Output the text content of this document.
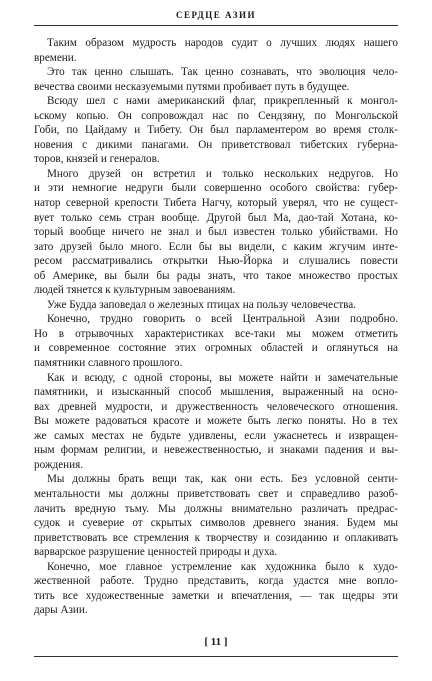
СЕРДЦЕ АЗИИ
Таким образом мудрость народов судит о лучших людях нашего
времени.
Это так ценно слышать. Так ценно сознавать, что эволюция чело-
вечества своими несказуемыми путями пробивает путь в будущее.
Всюду шел с нами американский флаг, прикрепленный к монгол-
ьскому копью. Он сопровождал нас по Сендзяну, по Монгольской
Гоби, по Цайдаму и Тибету. Он был парламентером во время столк-
новения с дикими панагами. Он приветствовал тибетских губерна-
торов, князей и генералов.
Много друзей он встретил и только нескольких недругов. Но
и эти немногие недруги были совершенно особого свойства: губер-
натор северной крепости Тибета Нагчу, который уверял, что не сущест-
вует только семь стран вообще. Другой был Ма, дао-тай Хотана, ко-
торый вообще ничего не знал и был известен только убийствами. Но
зато друзей было много. Если бы вы видели, с каким жгучим инте-
ресом рассматривались открытки Нью-Йорка и слушались повести
об Америке, вы были бы рады знать, что такое множество простых
людей тянется к культурным завоеваниям.
Уже Будда заповедал о железных птицах на пользу человечества.
Конечно, трудно говорить о всей Центральной Азии подробно.
Но в отрывочных характеристиках все-таки мы можем отметить
и современное состояние этих огромных областей и оглянуться на
памятники славного прошлого.
Как и всюду, с одной стороны, вы можете найти и замечательные
памятники, и изысканный способ мышления, выраженный на осно-
вах древней мудрости, и дружественность человеческого отношения.
Вы можете радоваться красоте и можете быть легко поняты. Но в тех
же самых местах не будьте удивлены, если ужаснетесь и извращен-
ным формам религии, и невежественностью, и знаками падения и вы-
рождения.
Мы должны брать вещи так, как они есть. Без условной сенти-
ментальности мы должны приветствовать свет и справедливо разоб-
лачить вредную тьму. Мы должны внимательно различать предрас-
судок и суеверие от скрытых символов древнего знания. Будем мы
приветствовать все стремления к творчеству и созиданию и оплакивать
варварское разрушение ценностей природы и духа.
Конечно, мое главное устремление как художника было к худо-
жественной работе. Трудно представить, когда удастся мне вопло-
тить все художественные заметки и впечатления, — так щедры эти
дары Азии.
[ 11 ]
